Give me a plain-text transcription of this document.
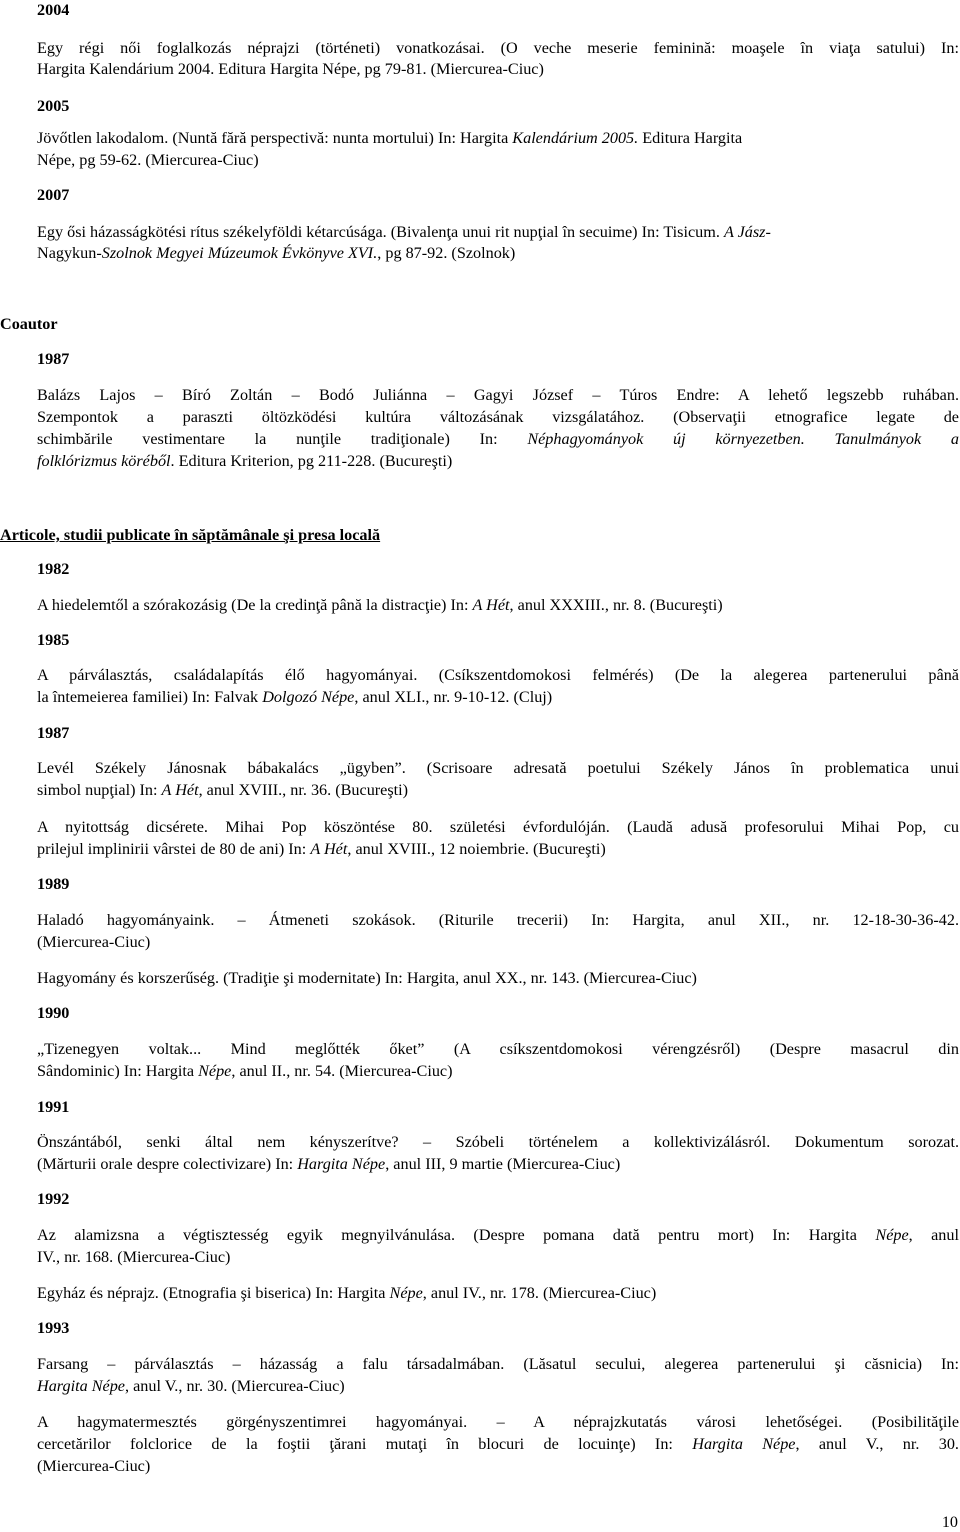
2004
Egy régi női foglalkozás néprajzi (történeti) vonatkozásai. (O veche meserie feminină: moaşele în viaţa satului) In:
Hargita Kalendárium 2004. Editura Hargita Népe, pg 79-81. (Miercurea-Ciuc)
2005
Jövőtlen lakodalom. (Nuntă fără perspectivă: nunta mortului) In: Hargita Kalendárium 2005. Editura Hargita
Népe, pg 59-62. (Miercurea-Ciuc)
2007
Egy ősi házasságkötési rítus székelyföldi kétarcúsága. (Bivalenţa unui rit nupţial în secuime) In: Tisicum. A Jász-
Nagykun-Szolnok Megyei Múzeumok Évkönyve XVI., pg 87-92. (Szolnok)
Coautor
1987
Balázs Lajos – Bíró Zoltán – Bodó Juliánna – Gagyi József – Túros Endre: A lehető legszebb ruhában.
Szempontok a paraszti öltözködési kultúra változásának vizsgálatához. (Observaţii etnografice legate de
schimbările vestimentare la nunţile tradiţionale) In: Néphagyományok új környezetben. Tanulmányok a
folklórizmus köréből. Editura Kriterion, pg 211-228. (Bucureşti)
Articole, studii publicate în săptămânale şi presa locală
1982
A hiedelemtől a szórakozásig (De la credinţă până la distracţie) In: A Hét, anul XXXIII., nr. 8. (Bucureşti)
1985
A párválasztás, családalapítás élő hagyományai. (Csíkszentdomokosi felmérés) (De la alegerea partenerului până
la întemeierea familiei) In: Falvak Dolgozó Népe, anul XLI., nr. 9-10-12. (Cluj)
1987
Levél Székely Jánosnak bábakalács „ügyben”. (Scrisoare adresată poetului Székely János în problematica unui
simbol nupţial) In: A Hét, anul XVIII., nr. 36. (Bucureşti)
A nyitottság dicsérete. Mihai Pop köszöntése 80. születési évfordulóján. (Laudă adusă profesorului Mihai Pop, cu
prilejul implinirii vârstei de 80 de ani) In: A Hét, anul XVIII., 12 noiembrie. (Bucureşti)
1989
Haladó hagyományaink. – Átmeneti szokások. (Riturile trecerii) In: Hargita, anul XII., nr. 12-18-30-36-42.
(Miercurea-Ciuc)
Hagyomány és korszerűség. (Tradiţie şi modernitate) In: Hargita, anul XX., nr. 143. (Miercurea-Ciuc)
1990
„Tizenegyen voltak... Mind meglőtték őket” (A csíkszentdomokosi vérengzésről) (Despre masacrul din
Sândominic) In: Hargita Népe, anul II., nr. 54. (Miercurea-Ciuc)
1991
Önszántából, senki által nem kényszerítve? – Szóbeli történelem a kollektivizálásról. Dokumentum sorozat.
(Mărturii orale despre colectivizare) In: Hargita Népe, anul III, 9 martie (Miercurea-Ciuc)
1992
Az alamizsna a végtisztesség egyik megnyilvánulása. (Despre pomana dată pentru mort) In: Hargita Népe, anul
IV., nr. 168. (Miercurea-Ciuc)
Egyház és néprajz. (Etnografia şi biserica) In: Hargita Népe, anul IV., nr. 178. (Miercurea-Ciuc)
1993
Farsang – párválasztás – házasság a falu társadalmában. (Lăsatul secului, alegerea partenerului şi căsnicia) In:
Hargita Népe, anul V., nr. 30. (Miercurea-Ciuc)
A hagymatermesztés görgényszentimrei hagyományai. – A néprajzkutatás városi lehetőségei. (Posibilităţile
cercetărilor folclorice de la foştii ţărani mutaţi în blocuri de locuinţe) In: Hargita Népe, anul V., nr. 30.
(Miercurea-Ciuc)
10
